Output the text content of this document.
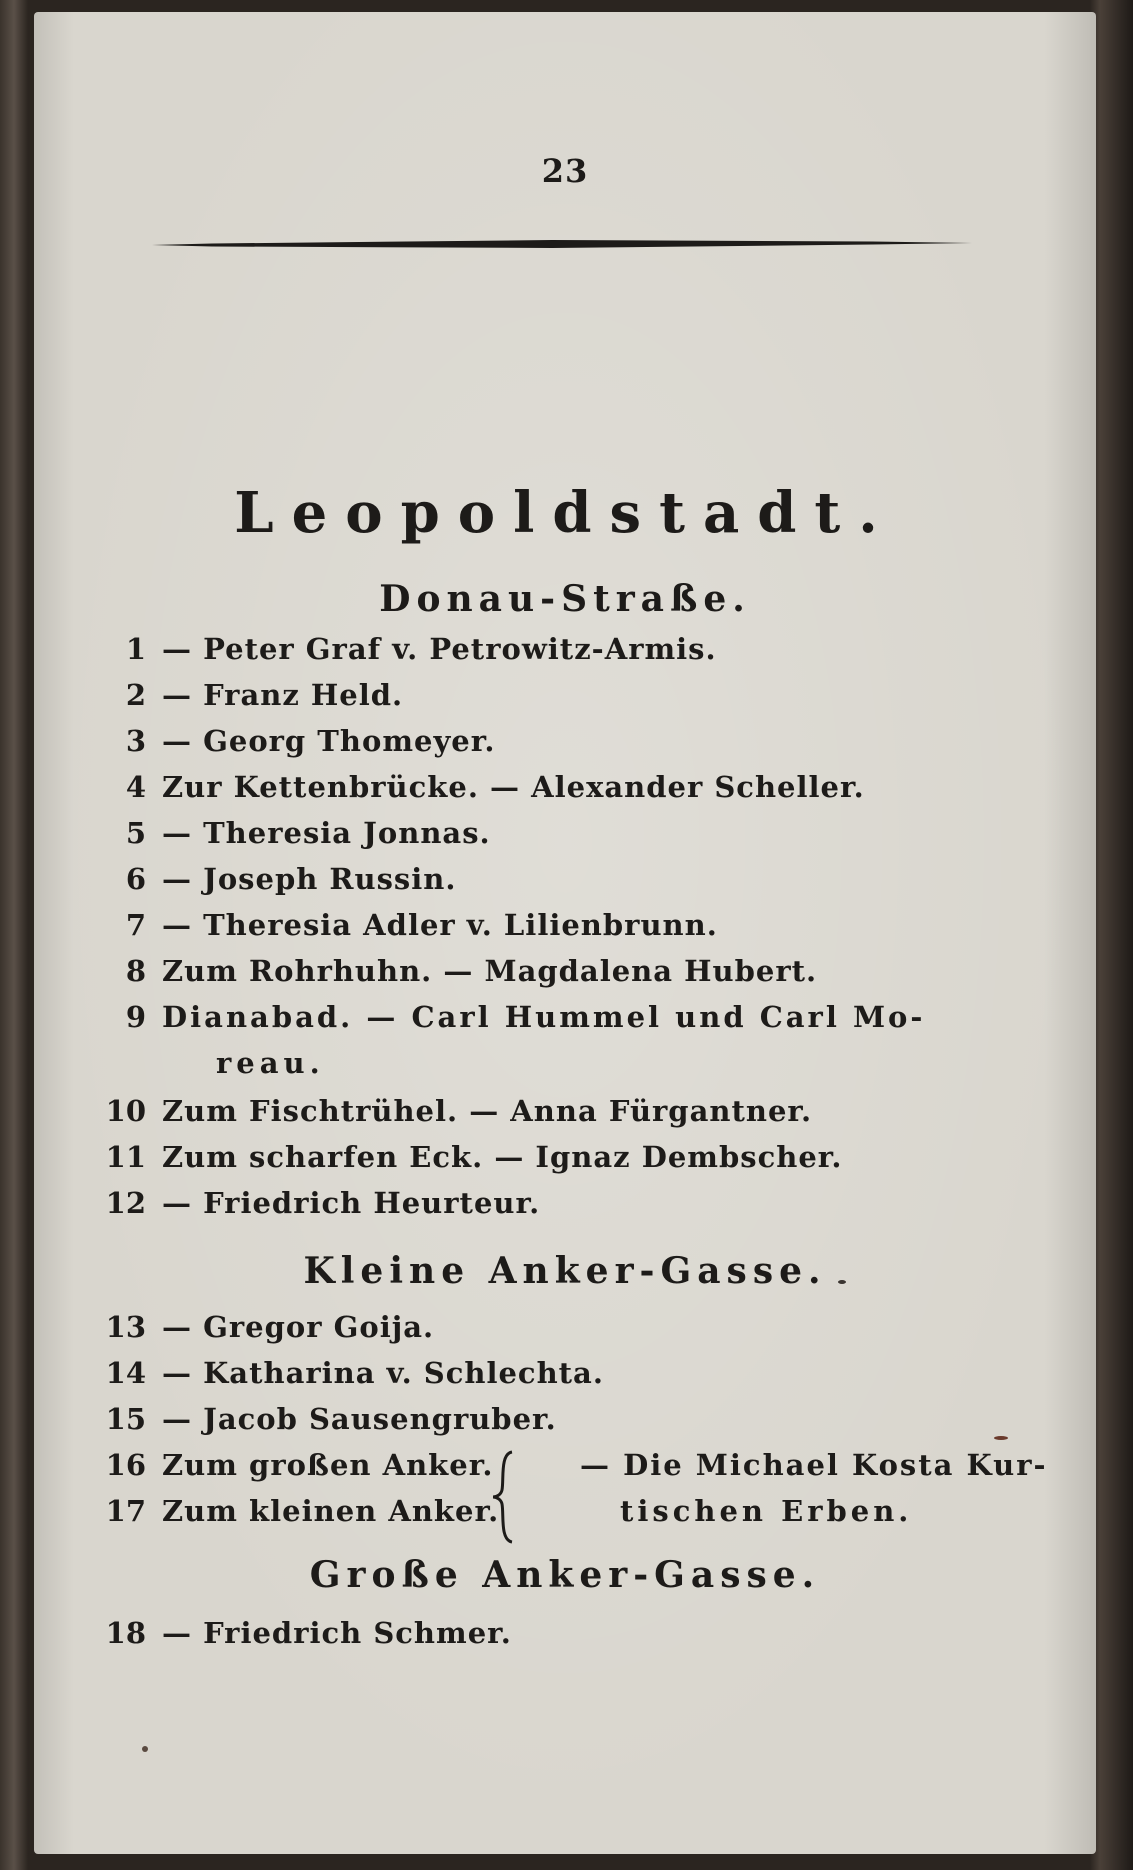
23
Leopoldstadt.
Donau-Straße.
1 — Peter Graf v. Petrowitz-Armis.
2 — Franz Held.
3 — Georg Thomeyer.
4 Zur Kettenbrücke. — Alexander Scheller.
5 — Theresia Jonnas.
6 — Joseph Russin.
7 — Theresia Adler v. Lilienbrunn.
8 Zum Rohrhuhn. — Magdalena Hubert.
9 Dianabad. — Carl Hummel und Carl Mo-
reau.
10 Zum Fischtrühel. — Anna Fürgantner.
11 Zum scharfen Eck. — Ignaz Dembscher.
12 — Friedrich Heurteur.
Kleine Anker-Gasse.
13 — Gregor Goija.
14 — Katharina v. Schlechta.
15 — Jacob Sausengruber.
16 Zum großen Anker.
17 Zum kleinen Anker.
— Die Michael Kosta Kur-
tischen Erben.
Große Anker-Gasse.
18 — Friedrich Schmer.
